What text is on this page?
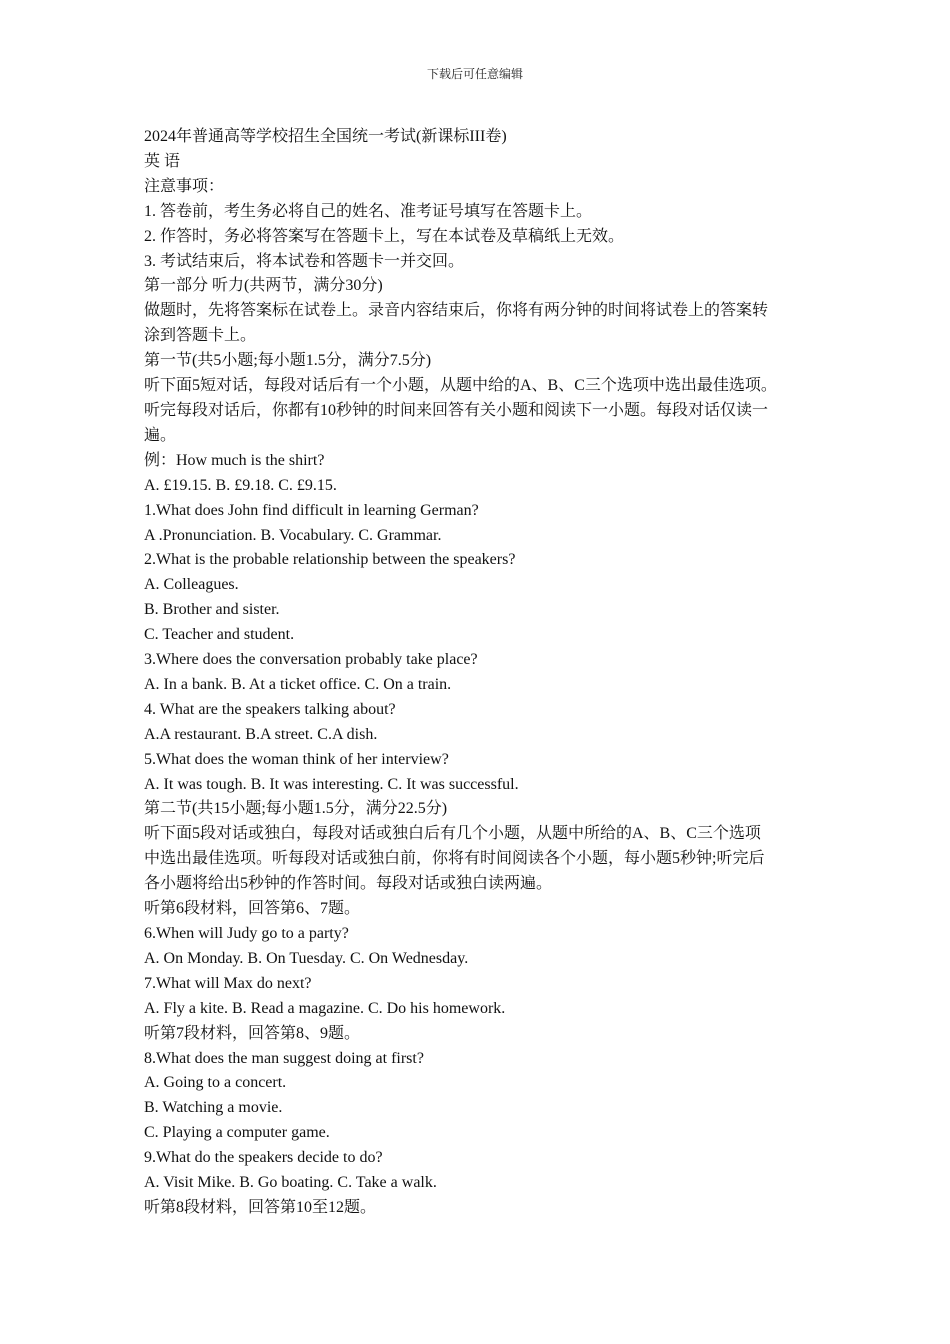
下载后可任意编辑

2024年普通高等学校招生全国统一考试(新课标III卷)

英 语

注意事项：

1. 答卷前，考生务必将自己的姓名、准考证号填写在答题卡上。

2. 作答时，务必将答案写在答题卡上，写在本试卷及草稿纸上无效。

3. 考试结束后，将本试卷和答题卡一并交回。

第一部分 听力(共两节，满分30分)

做题时，先将答案标在试卷上。录音内容结束后，你将有两分钟的时间将试卷上的答案转

涂到答题卡上。

第一节(共5小题;每小题1.5分，满分7.5分)

听下面5短对话，每段对话后有一个小题，从题中给的A、B、C三个选项中选出最佳选项。

听完每段对话后，你都有10秒钟的时间来回答有关小题和阅读下一小题。每段对话仅读一

遍。

例：How much is the shirt?

A. £19.15. B. £9.18. C. £9.15.

1.What does John find difficult in learning German?

A .Pronunciation. B. Vocabulary. C. Grammar.

2.What is the probable relationship between the speakers?

A. Colleagues.

B. Brother and sister.

C. Teacher and student.

3.Where does the conversation probably take place?

A. In a bank. B. At a ticket office. C. On a train.

4. What are the speakers talking about?

A.A restaurant. B.A street. C.A dish.

5.What does the woman think of her interview?

A. It was tough. B. It was interesting. C. It was successful.

第二节(共15小题;每小题1.5分，满分22.5分)

听下面5段对话或独白，每段对话或独白后有几个小题，从题中所给的A、B、C三个选项

中选出最佳选项。听每段对话或独白前，你将有时间阅读各个小题，每小题5秒钟;听完后

各小题将给出5秒钟的作答时间。每段对话或独白读两遍。

听第6段材料，回答第6、7题。

6.When will Judy go to a party?

A. On Monday. B. On Tuesday. C. On Wednesday.

7.What will Max do next?

A. Fly a kite. B. Read a magazine. C. Do his homework.

听第7段材料，回答第8、9题。

8.What does the man suggest doing at first?

A. Going to a concert.

B. Watching a movie.

C. Playing a computer game.

9.What do the speakers decide to do?

A. Visit Mike. B. Go boating. C. Take a walk.

听第8段材料，回答第10至12题。
